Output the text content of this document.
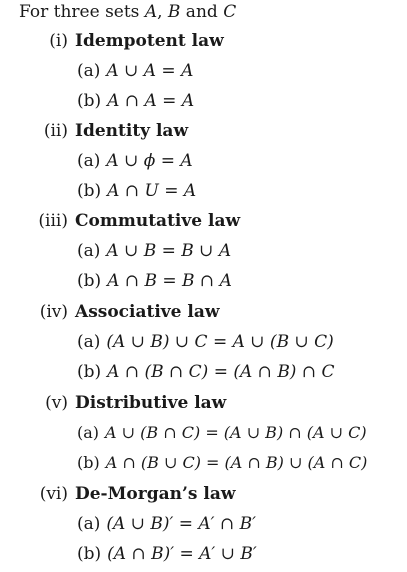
For three sets A, B and C
(i) Idempotent law
(a) A ∪ A = A
(b) A ∩ A = A
(ii) Identity law
(a) A ∪ ϕ = A
(b) A ∩ U = A
(iii) Commutative law
(a) A ∪ B = B ∪ A
(b) A ∩ B = B ∩ A
(iv) Associative law
(a) (A ∪ B) ∪ C = A ∪ (B ∪ C)
(b) A ∩ (B ∩ C) = (A ∩ B) ∩ C
(v) Distributive law
(a) A ∪ (B ∩ C) = (A ∪ B) ∩ (A ∪ C)
(b) A ∩ (B ∪ C) = (A ∩ B) ∪ (A ∩ C)
(vi) De-Morgan’s law
(a) (A ∪ B)′ = A′ ∩ B′
(b) (A ∩ B)′ = A′ ∪ B′
